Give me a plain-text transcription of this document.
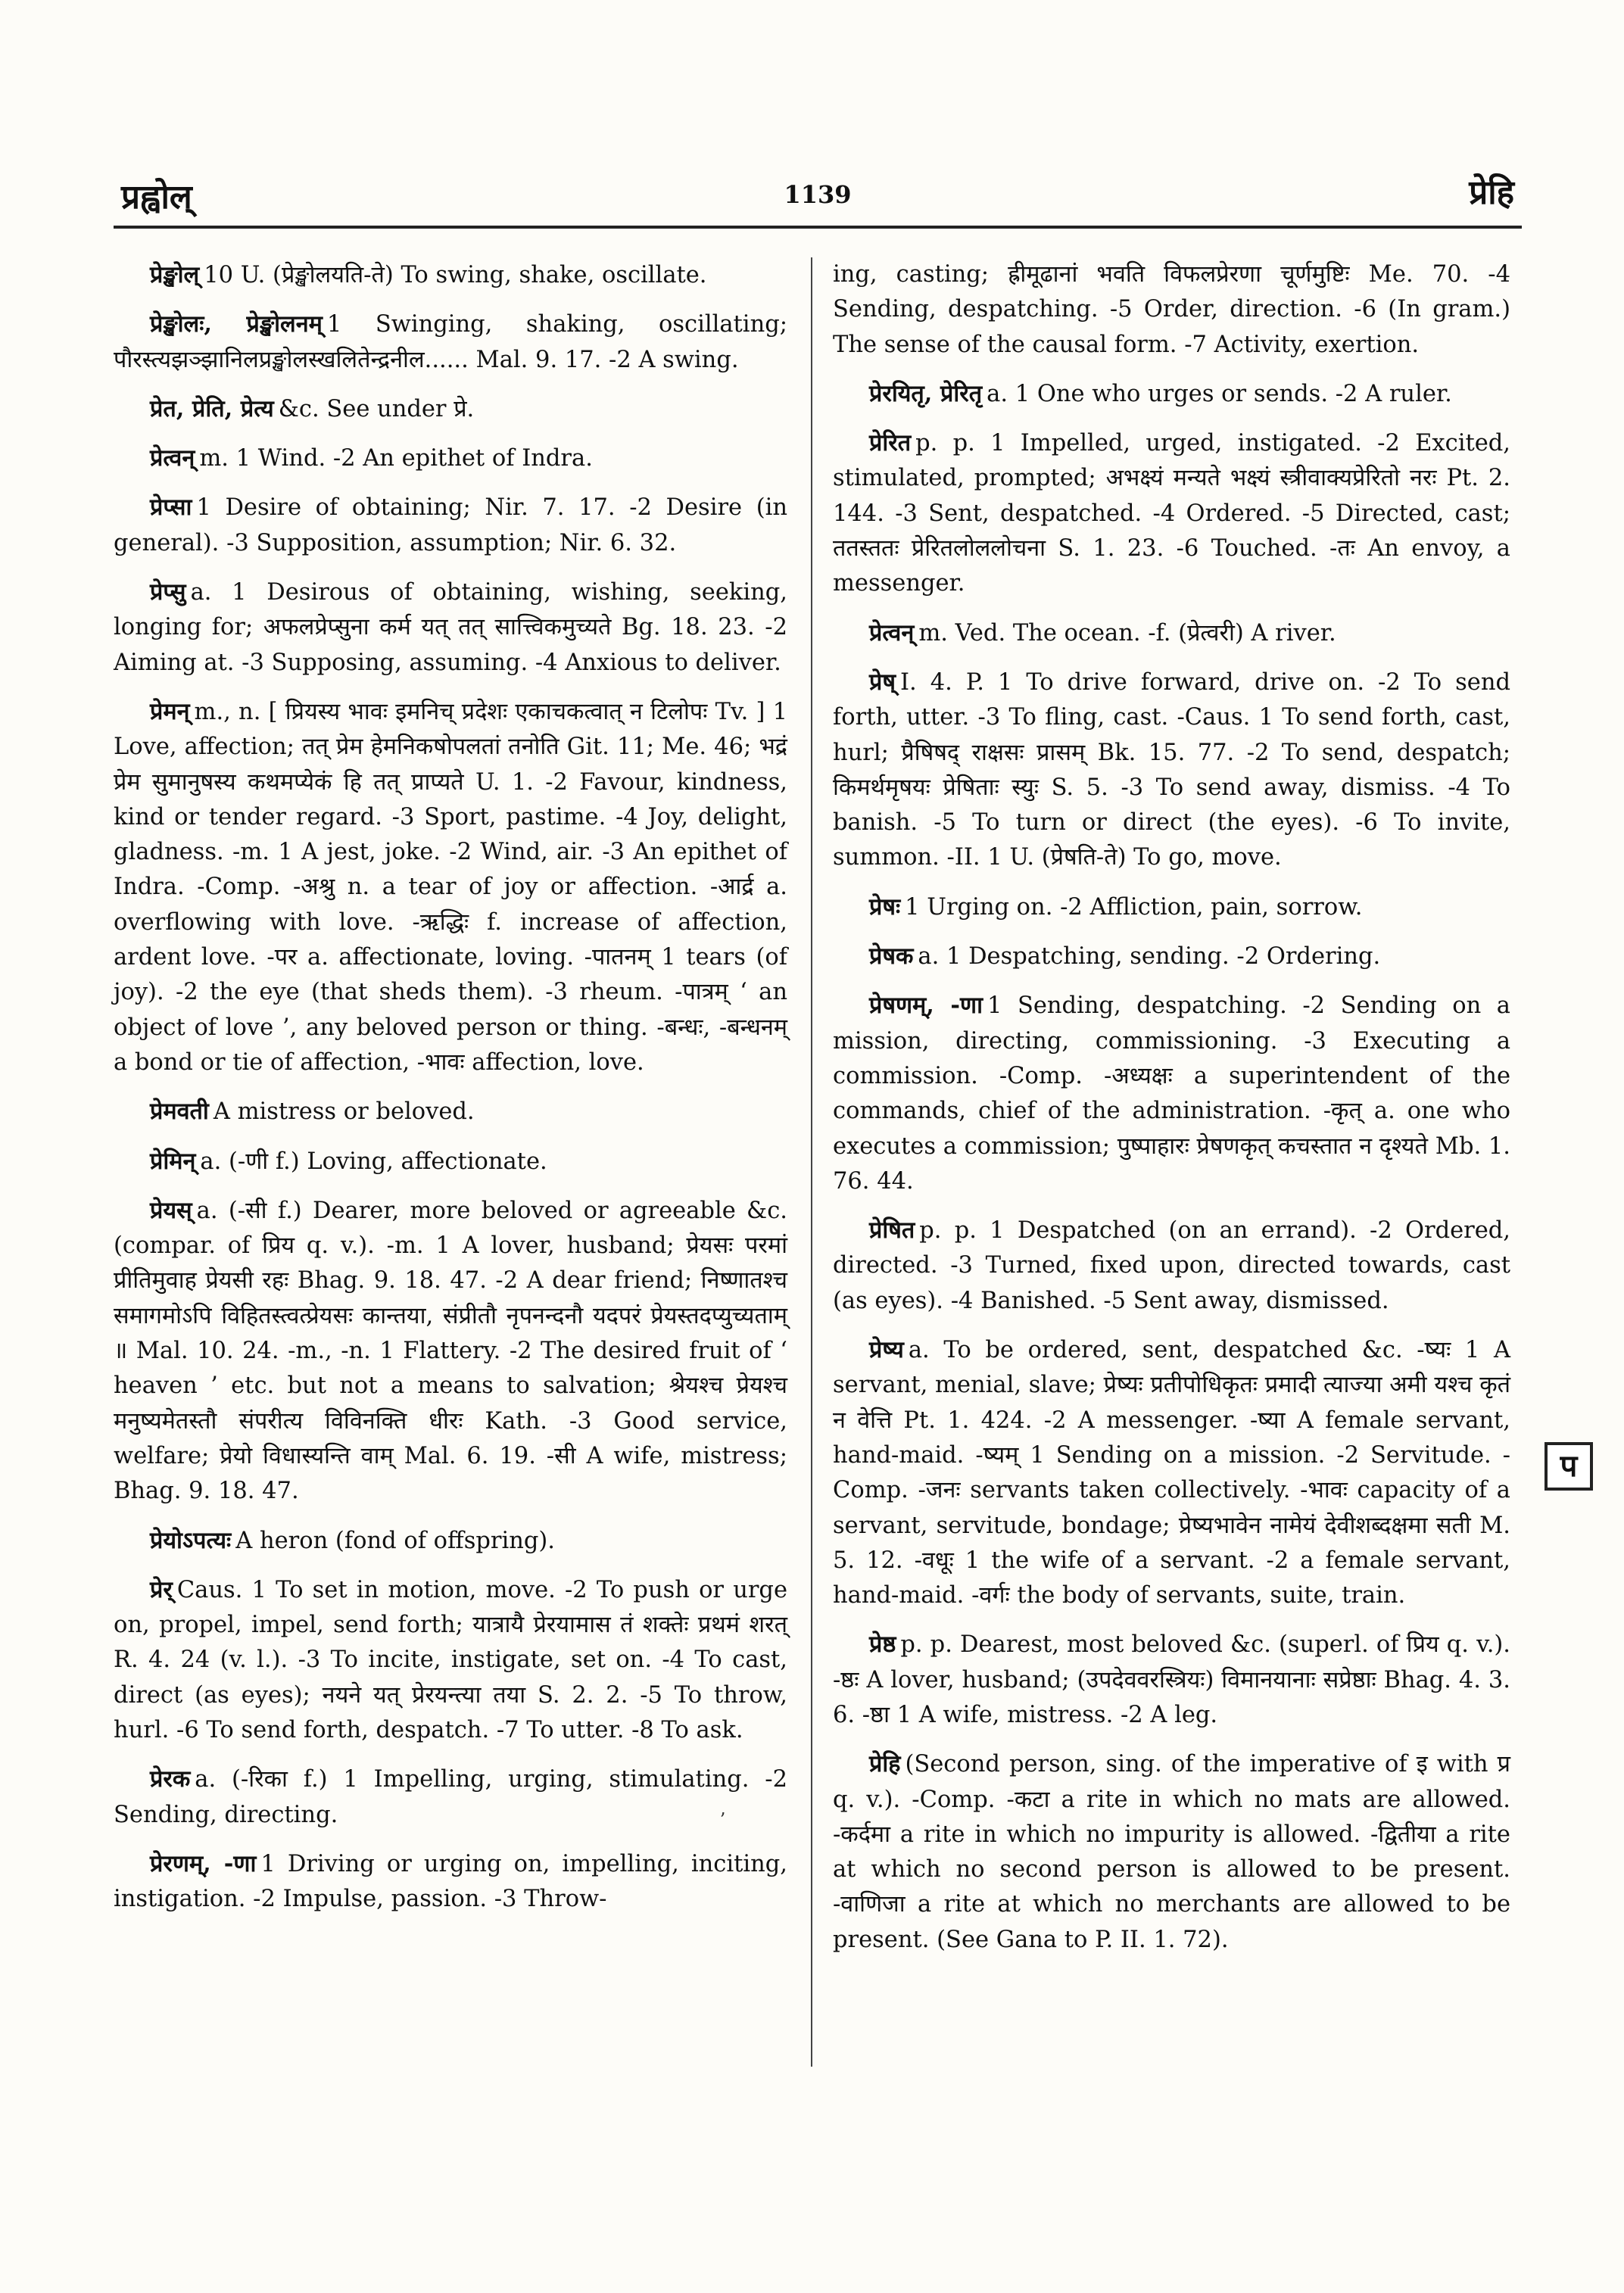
प्रह्वोल्	1139	प्रेहि

प्रेङ्खोल् 10 U. (प्रेङ्खोलयति-ते) To swing, shake, oscillate.

प्रेङ्खोलः, प्रेङ्खोलनम् 1 Swinging, shaking, oscillating; पौरस्त्यझञ्झानिलप्रङ्खोलस्खलितेन्द्रनील...... Mal. 9. 17. -2 A swing.

प्रेत, प्रेति, प्रेत्य &c. See under प्रे.

प्रेत्वन् m. 1 Wind. -2 An epithet of Indra.

प्रेप्सा 1 Desire of obtaining; Nir. 7. 17. -2 Desire (in general). -3 Supposition, assumption; Nir. 6. 32.

प्रेप्सु a. 1 Desirous of obtaining, wishing, seeking, longing for; अफलप्रेप्सुना कर्म यत् तत् सात्त्विकमुच्यते Bg. 18. 23. -2 Aiming at. -3 Supposing, assuming. -4 Anxious to deliver.

प्रेमन् m., n. [ प्रियस्य भावः इमनिच् प्रदेशः एकाचकत्वात् न टिलोपः Tv. ] 1 Love, affection; तत् प्रेम हेमनिकषोपलतां तनोति Git. 11; Me. 46; भद्रं प्रेम सुमानुषस्य कथमप्येकं हि तत् प्राप्यते U. 1. -2 Favour, kindness, kind or tender regard. -3 Sport, pastime. -4 Joy, delight, gladness. -m. 1 A jest, joke. -2 Wind, air. -3 An epithet of Indra. -Comp. -अश्रु n. a tear of joy or affection. -आर्द्र a. overflowing with love. -ऋद्धिः f. increase of affection, ardent love. -पर a. affectionate, loving. -पातनम् 1 tears (of joy). -2 the eye (that sheds them). -3 rheum. -पात्रम् ‘ an object of love ’, any beloved person or thing. -बन्धः, -बन्धनम् a bond or tie of affection, -भावः affection, love.

प्रेमवती A mistress or beloved.

प्रेमिन् a. (-णी f.) Loving, affectionate.

प्रेयस् a. (-सी f.) Dearer, more beloved or agreeable &c. (compar. of प्रिय q. v.). -m. 1 A lover, husband; प्रेयसः परमां प्रीतिमुवाह प्रेयसी रहः Bhag. 9. 18. 47. -2 A dear friend; निष्णातश्च समागमोऽपि विहितस्त्वत्प्रेयसः कान्तया, संप्रीतौ नृपनन्दनौ यदपरं प्रेयस्तदप्युच्यताम् ॥ Mal. 10. 24. -m., -n. 1 Flattery. -2 The desired fruit of ‘ heaven ’ etc. but not a means to salvation; श्रेयश्च प्रेयश्च मनुष्यमेतस्तौ संपरीत्य विविनक्ति धीरः Kath. -3 Good service, welfare; प्रेयो विधास्यन्ति वाम् Mal. 6. 19. -सी A wife, mistress; Bhag. 9. 18. 47.

प्रेयोऽपत्यः A heron (fond of offspring).

प्रेर् Caus. 1 To set in motion, move. -2 To push or urge on, propel, impel, send forth; यात्रायै प्रेरयामास तं शक्तेः प्रथमं शरत् R. 4. 24 (v. l.). -3 To incite, instigate, set on. -4 To cast, direct (as eyes); नयने यत् प्रेरयन्त्या तया S. 2. 2. -5 To throw, hurl. -6 To send forth, despatch. -7 To utter. -8 To ask.

प्रेरक a. (-रिका f.) 1 Impelling, urging, stimulating. -2 Sending, directing.

प्रेरणम्, -णा 1 Driving or urging on, impelling, inciting, instigation. -2 Impulse, passion. -3 Throw-

ing, casting; ह्रीमूढानां भवति विफलप्रेरणा चूर्णमुष्टिः Me. 70. -4 Sending, despatching. -5 Order, direction. -6 (In gram.) The sense of the causal form. -7 Activity, exertion.

प्रेरयितृ, प्रेरितृ a. 1 One who urges or sends. -2 A ruler.

प्रेरित p. p. 1 Impelled, urged, instigated. -2 Excited, stimulated, prompted; अभक्ष्यं मन्यते भक्ष्यं स्त्रीवाक्यप्रेरितो नरः Pt. 2. 144. -3 Sent, despatched. -4 Ordered. -5 Directed, cast; ततस्ततः प्रेरितलोललोचना S. 1. 23. -6 Touched. -तः An envoy, a messenger.

प्रेत्वन् m. Ved. The ocean. -f. (प्रेत्वरी) A river.

प्रेष् I. 4. P. 1 To drive forward, drive on. -2 To send forth, utter. -3 To fling, cast. -Caus. 1 To send forth, cast, hurl; प्रैषिषद् राक्षसः प्रासम् Bk. 15. 77. -2 To send, despatch; किमर्थमृषयः प्रेषिताः स्युः S. 5. -3 To send away, dismiss. -4 To banish. -5 To turn or direct (the eyes). -6 To invite, summon. -II. 1 U. (प्रेषति-ते) To go, move.

प्रेषः 1 Urging on. -2 Affliction, pain, sorrow.

प्रेषक a. 1 Despatching, sending. -2 Ordering.

प्रेषणम्, -णा 1 Sending, despatching. -2 Sending on a mission, directing, commissioning. -3 Executing a commission. -Comp. -अध्यक्षः a superintendent of the commands, chief of the administration. -कृत् a. one who executes a commission; पुष्पाहारः प्रेषणकृत् कचस्तात न दृश्यते Mb. 1. 76. 44.

प्रेषित p. p. 1 Despatched (on an errand). -2 Ordered, directed. -3 Turned, fixed upon, directed towards, cast (as eyes). -4 Banished. -5 Sent away, dismissed.

प्रेष्य a. To be ordered, sent, despatched &c. -ष्यः 1 A servant, menial, slave; प्रेष्यः प्रतीपोधिकृतः प्रमादी त्याज्या अमी यश्च कृतं न वेत्ति Pt. 1. 424. -2 A messenger. -ष्या A female servant, hand-maid. -ष्यम् 1 Sending on a mission. -2 Servitude. -Comp. -जनः servants taken collectively. -भावः capacity of a servant, servitude, bondage; प्रेष्यभावेन नामेयं देवीशब्दक्षमा सती M. 5. 12. -वधूः 1 the wife of a servant. -2 a female servant, hand-maid. -वर्गः the body of servants, suite, train.

प्रेष्ठ p. p. Dearest, most beloved &c. (superl. of प्रिय q. v.). -ष्ठः A lover, husband; (उपदेववरस्त्रियः) विमानयानाः सप्रेष्ठाः Bhag. 4. 3. 6. -ष्ठा 1 A wife, mistress. -2 A leg.

प्रेहि (Second person, sing. of the imperative of इ with प्र q. v.). -Comp. -कटा a rite in which no mats are allowed. -कर्दमा a rite in which no impurity is allowed. -द्वितीया a rite at which no second person is allowed to be present. -वाणिजा a rite at which no merchants are allowed to be present. (See Gana to P. II. 1. 72).

ʼ
प
